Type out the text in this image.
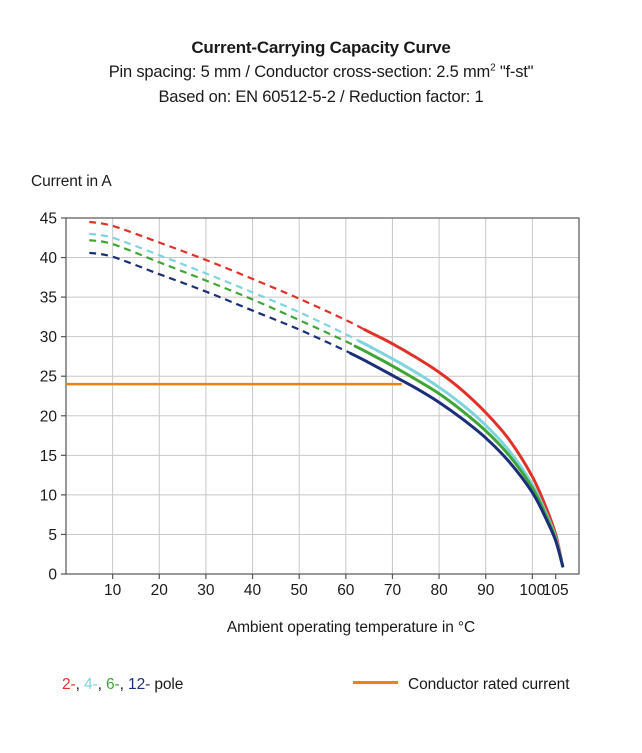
Current-Carrying Capacity Curve
Pin spacing: 5 mm / Conductor cross-section: 2.5 $mm^2$ "f-st"
Based on: EN 60512-5-2 / Reduction factor: 1
Current in A
0
5
10
15
20
25
30
35
40
45
10 20 30 40 50 60 70 80 90 100
105
Ambient operating temperature in °C
2-, 4-, 6-, 12- pole	Conductor rated current
